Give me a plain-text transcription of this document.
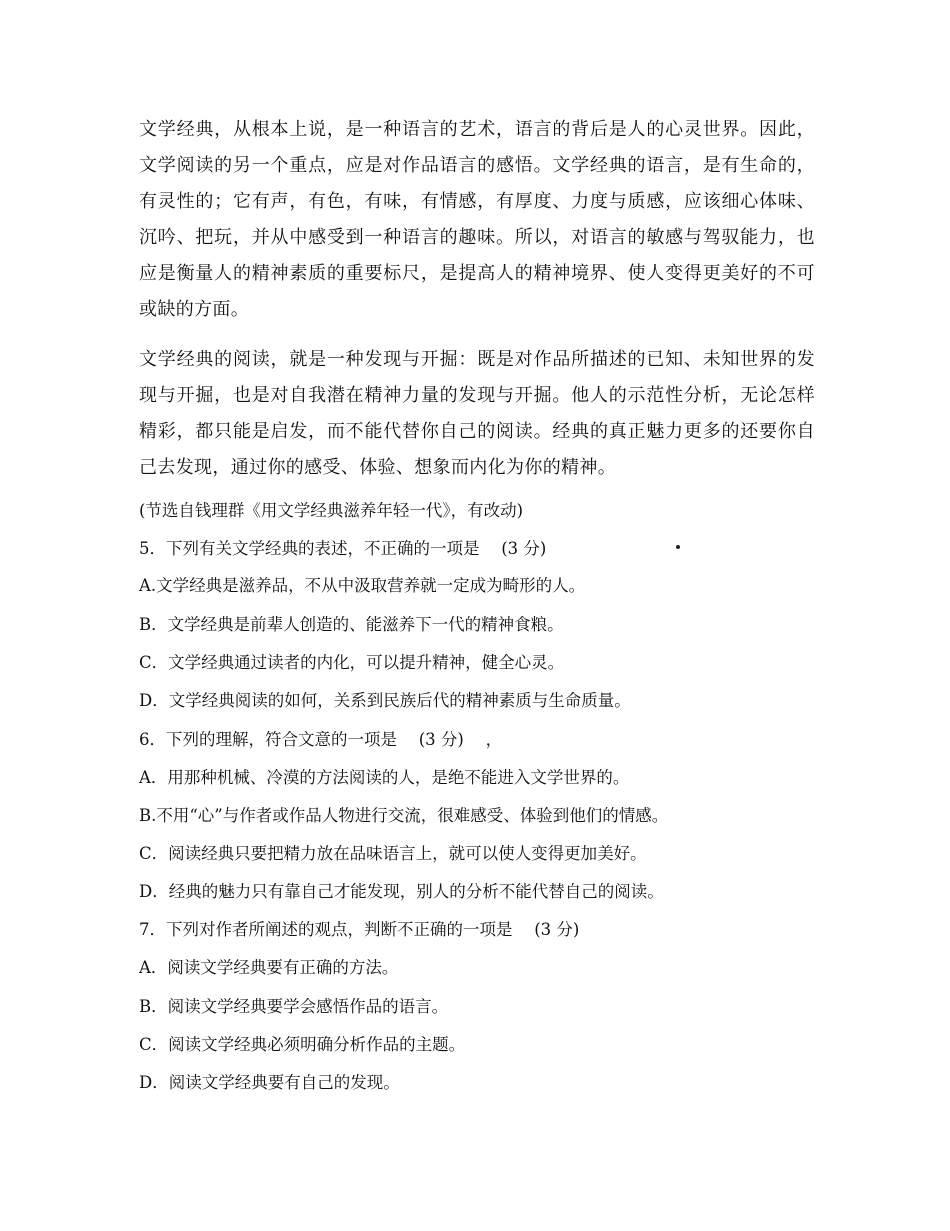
文学经典，从根本上说，是一种语言的艺术，语言的背后是人的心灵世界。因此，文学阅读的另一个重点，应是对作品语言的感悟。文学经典的语言，是有生命的，有灵性的；它有声，有色，有味，有情感，有厚度、力度与质感，应该细心体味、沉吟、把玩，并从中感受到一种语言的趣味。所以，对语言的敏感与驾驭能力，也应是衡量人的精神素质的重要标尺，是提高人的精神境界、使人变得更美好的不可或缺的方面。

文学经典的阅读，就是一种发现与开掘：既是对作品所描述的已知、未知世界的发现与开掘，也是对自我潜在精神力量的发现与开掘。他人的示范性分析，无论怎样精彩，都只能是启发，而不能代替你自己的阅读。经典的真正魅力更多的还要你自己去发现，通过你的感受、体验、想象而内化为你的精神。

(节选自钱理群《用文学经典滋养年轻一代》，有改动)
5．下列有关文学经典的表述，不正确的一项是　 (3 分)
A.文学经典是滋养品，不从中汲取营养就一定成为畸形的人。
B．文学经典是前辈人创造的、能滋养下一代的精神食粮。
C．文学经典通过读者的内化，可以提升精神，健全心灵。
D．文学经典阅读的如何，关系到民族后代的精神素质与生命质量。
6．下列的理解，符合文意的一项是　 (3 分)　 ，
A．用那种机械、冷漠的方法阅读的人，是绝不能进入文学世界的。
B.不用“心”与作者或作品人物进行交流，很难感受、体验到他们的情感。
C．阅读经典只要把精力放在品味语言上，就可以使人变得更加美好。
D．经典的魅力只有靠自己才能发现，别人的分析不能代替自己的阅读。
7．下列对作者所阐述的观点，判断不正确的一项是　 (3 分)
A．阅读文学经典要有正确的方法。
B．阅读文学经典要学会感悟作品的语言。
C．阅读文学经典必须明确分析作品的主题。
D．阅读文学经典要有自己的发现。
